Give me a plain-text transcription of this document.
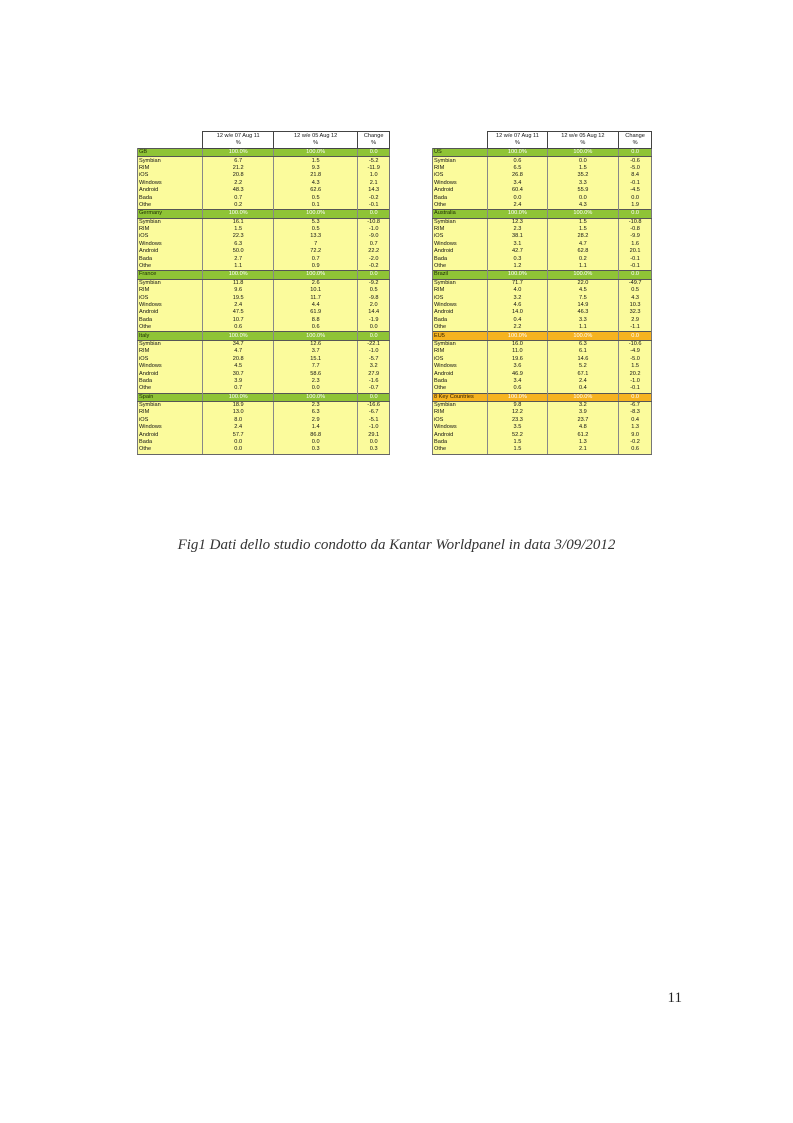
	12 w/e 07 Aug 11
%	12 w/e 05 Aug 12
%	Change
%
GB	100.0%	100.0%	0.0
Symbian	6.7	1.5	-5.2
RIM	21.2	9.3	-11.9
iOS	20.8	21.8	1.0
Windows	2.2	4.3	2.1
Android	48.3	62.6	14.3
Bada	0.7	0.5	-0.2
Othe	0.2	0.1	-0.1
Germany	100.0%	100.0%	0.0
Symbian	16.1	5.3	-10.8
RIM	1.5	0.5	-1.0
iOS	22.3	13.3	-9.0
Windows	6.3	7	0.7
Android	50.0	72.2	22.2
Bada	2.7	0.7	-2.0
Othe	1.1	0.9	-0.2
France	100.0%	100.0%	0.0
Symbian	11.8	2.6	-9.2
RIM	9.6	10.1	0.5
iOS	19.5	11.7	-9.8
Windows	2.4	4.4	2.0
Android	47.5	61.9	14.4
Bada	10.7	8.8	-1.9
Othe	0.6	0.6	0.0
Italy	100.0%	100.0%	0.0
Symbian	34.7	12.6	-22.1
RIM	4.7	3.7	-1.0
iOS	20.8	15.1	-5.7
Windows	4.5	7.7	3.2
Android	30.7	58.6	27.9
Bada	3.9	2.3	-1.6
Othe	0.7	0.0	-0.7
Spain	100.0%	100.0%	0.0
Symbian	18.9	2.3	-16.6
RIM	13.0	6.3	-6.7
iOS	8.0	2.9	-5.1
Windows	2.4	1.4	-1.0
Android	57.7	86.8	29.1
Bada	0.0	0.0	0.0
Othe	0.0	0.3	0.3
	12 w/e 07 Aug 11
%	12 w/e 05 Aug 12
%	Change
%
US	100.0%	100.0%	0.0
Symbian	0.6	0.0	-0.6
RIM	6.5	1.5	-5.0
iOS	26.8	35.2	8.4
Windows	3.4	3.3	-0.1
Android	60.4	55.9	-4.5
Bada	0.0	0.0	0.0
Othe	2.4	4.3	1.9
Australia	100.0%	100.0%	0.0
Symbian	12.3	1.5	-10.8
RIM	2.3	1.5	-0.8
iOS	38.1	28.2	-9.9
Windows	3.1	4.7	1.6
Android	42.7	62.8	20.1
Bada	0.3	0.2	-0.1
Othe	1.2	1.1	-0.1
Brazil	100.0%	100.0%	0.0
Symbian	71.7	22.0	-49.7
RIM	4.0	4.5	0.5
iOS	3.2	7.5	4.3
Windows	4.6	14.9	10.3
Android	14.0	46.3	32.3
Bada	0.4	3.3	2.9
Othe	2.2	1.1	-1.1
EU5	100.0%	100.0%	0.0
Symbian	16.0	6.3	-10.6
RIM	11.0	6.1	-4.9
iOS	19.6	14.6	-5.0
Windows	3.6	5.2	1.5
Android	46.9	67.1	20.2
Bada	3.4	2.4	-1.0
Othe	0.6	0.4	-0.1
8 Key Countries	100.0%	100.0%	0.0
Symbian	9.8	3.2	-6.7
RIM	12.2	3.9	-8.3
iOS	23.3	23.7	0.4
Windows	3.5	4.8	1.3
Android	52.2	61.2	9.0
Bada	1.5	1.3	-0.2
Othe	1.5	2.1	0.6
Fig1 Dati dello studio condotto da Kantar Worldpanel in data 3/09/2012
11
